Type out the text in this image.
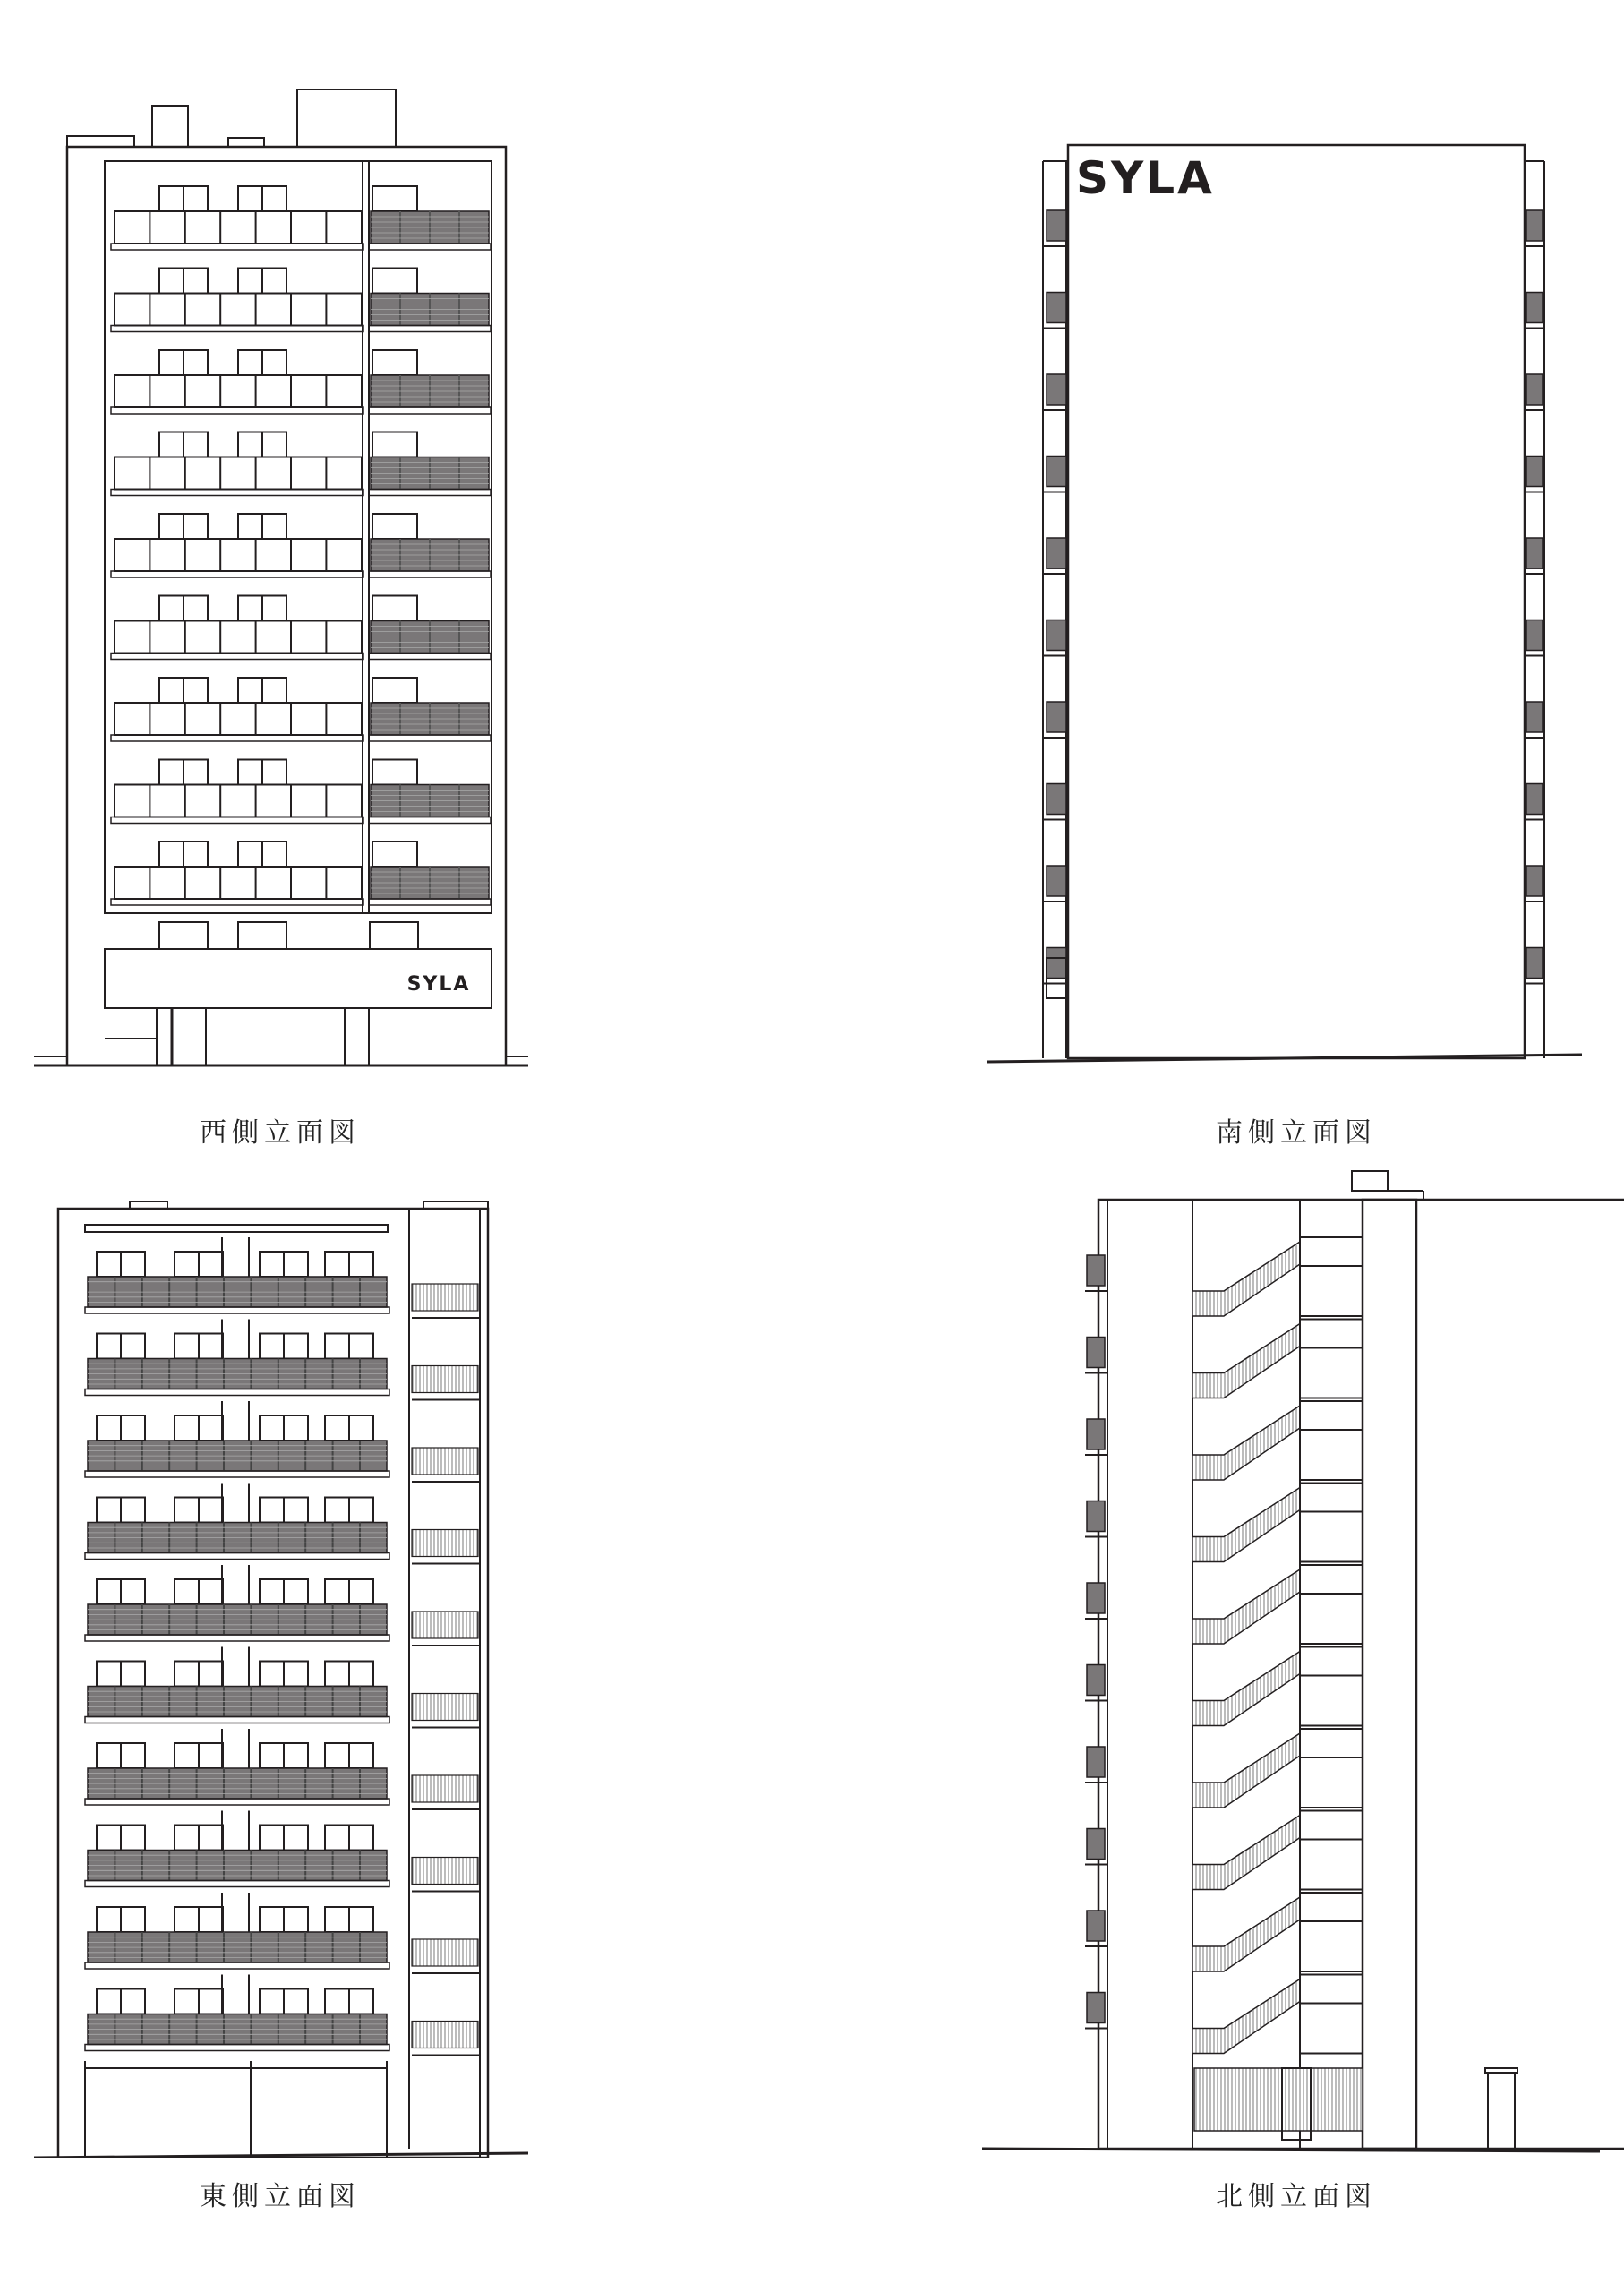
SYLA
SYLA
西側立面図	南側立面図
東側立面図	北側立面図
